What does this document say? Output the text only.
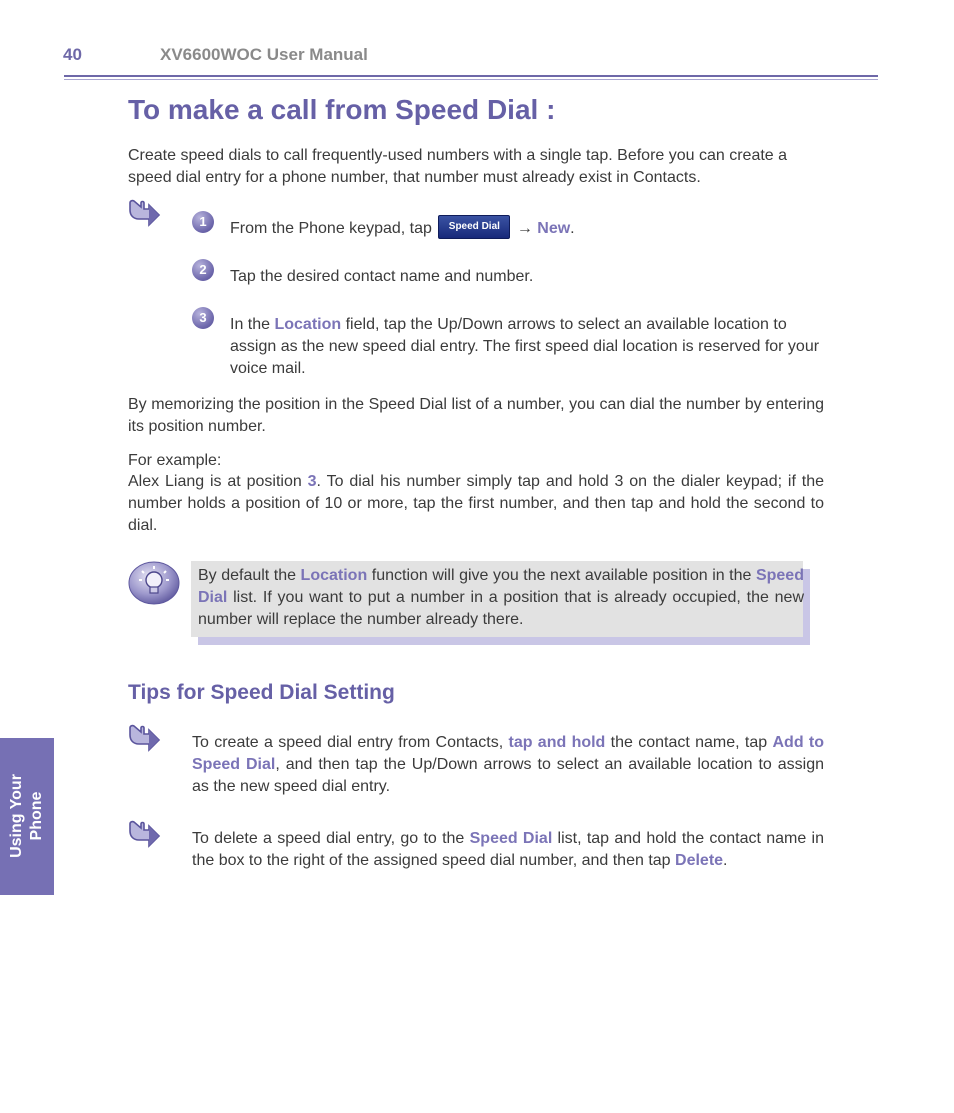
40	XV6600WOC User Manual
To make a call from Speed Dial :
Create speed dials to call frequently-used numbers with a single tap. Before you can create a speed dial entry for a phone number, that number must already exist in Contacts.
1	From the Phone keypad, tap Speed Dial → New.
2	Tap the desired contact name and number.
3	In the Location field, tap the Up/Down arrows to select an available location to assign as the new speed dial entry. The first speed dial location is reserved for your voice mail.
By memorizing the position in the Speed Dial list of a number, you can dial the number by entering its position number.
For example:
Alex Liang is at position 3. To dial his number simply tap and hold 3 on the dialer keypad; if the number holds a position of 10 or more, tap the first number, and then tap and hold the second to dial.
By default the Location function will give you the next available position in the Speed Dial list. If you want to put a number in a position that is already occupied, the new number will replace the number already there.
Tips for Speed Dial Setting
To create a speed dial entry from Contacts, tap and hold the contact name, tap Add to Speed Dial, and then tap the Up/Down arrows to select an available location to assign as the new speed dial entry.
To delete a speed dial entry, go to the Speed Dial list, tap and hold the contact name in the box to the right of the assigned speed dial number, and then tap Delete.
Using Your Phone
